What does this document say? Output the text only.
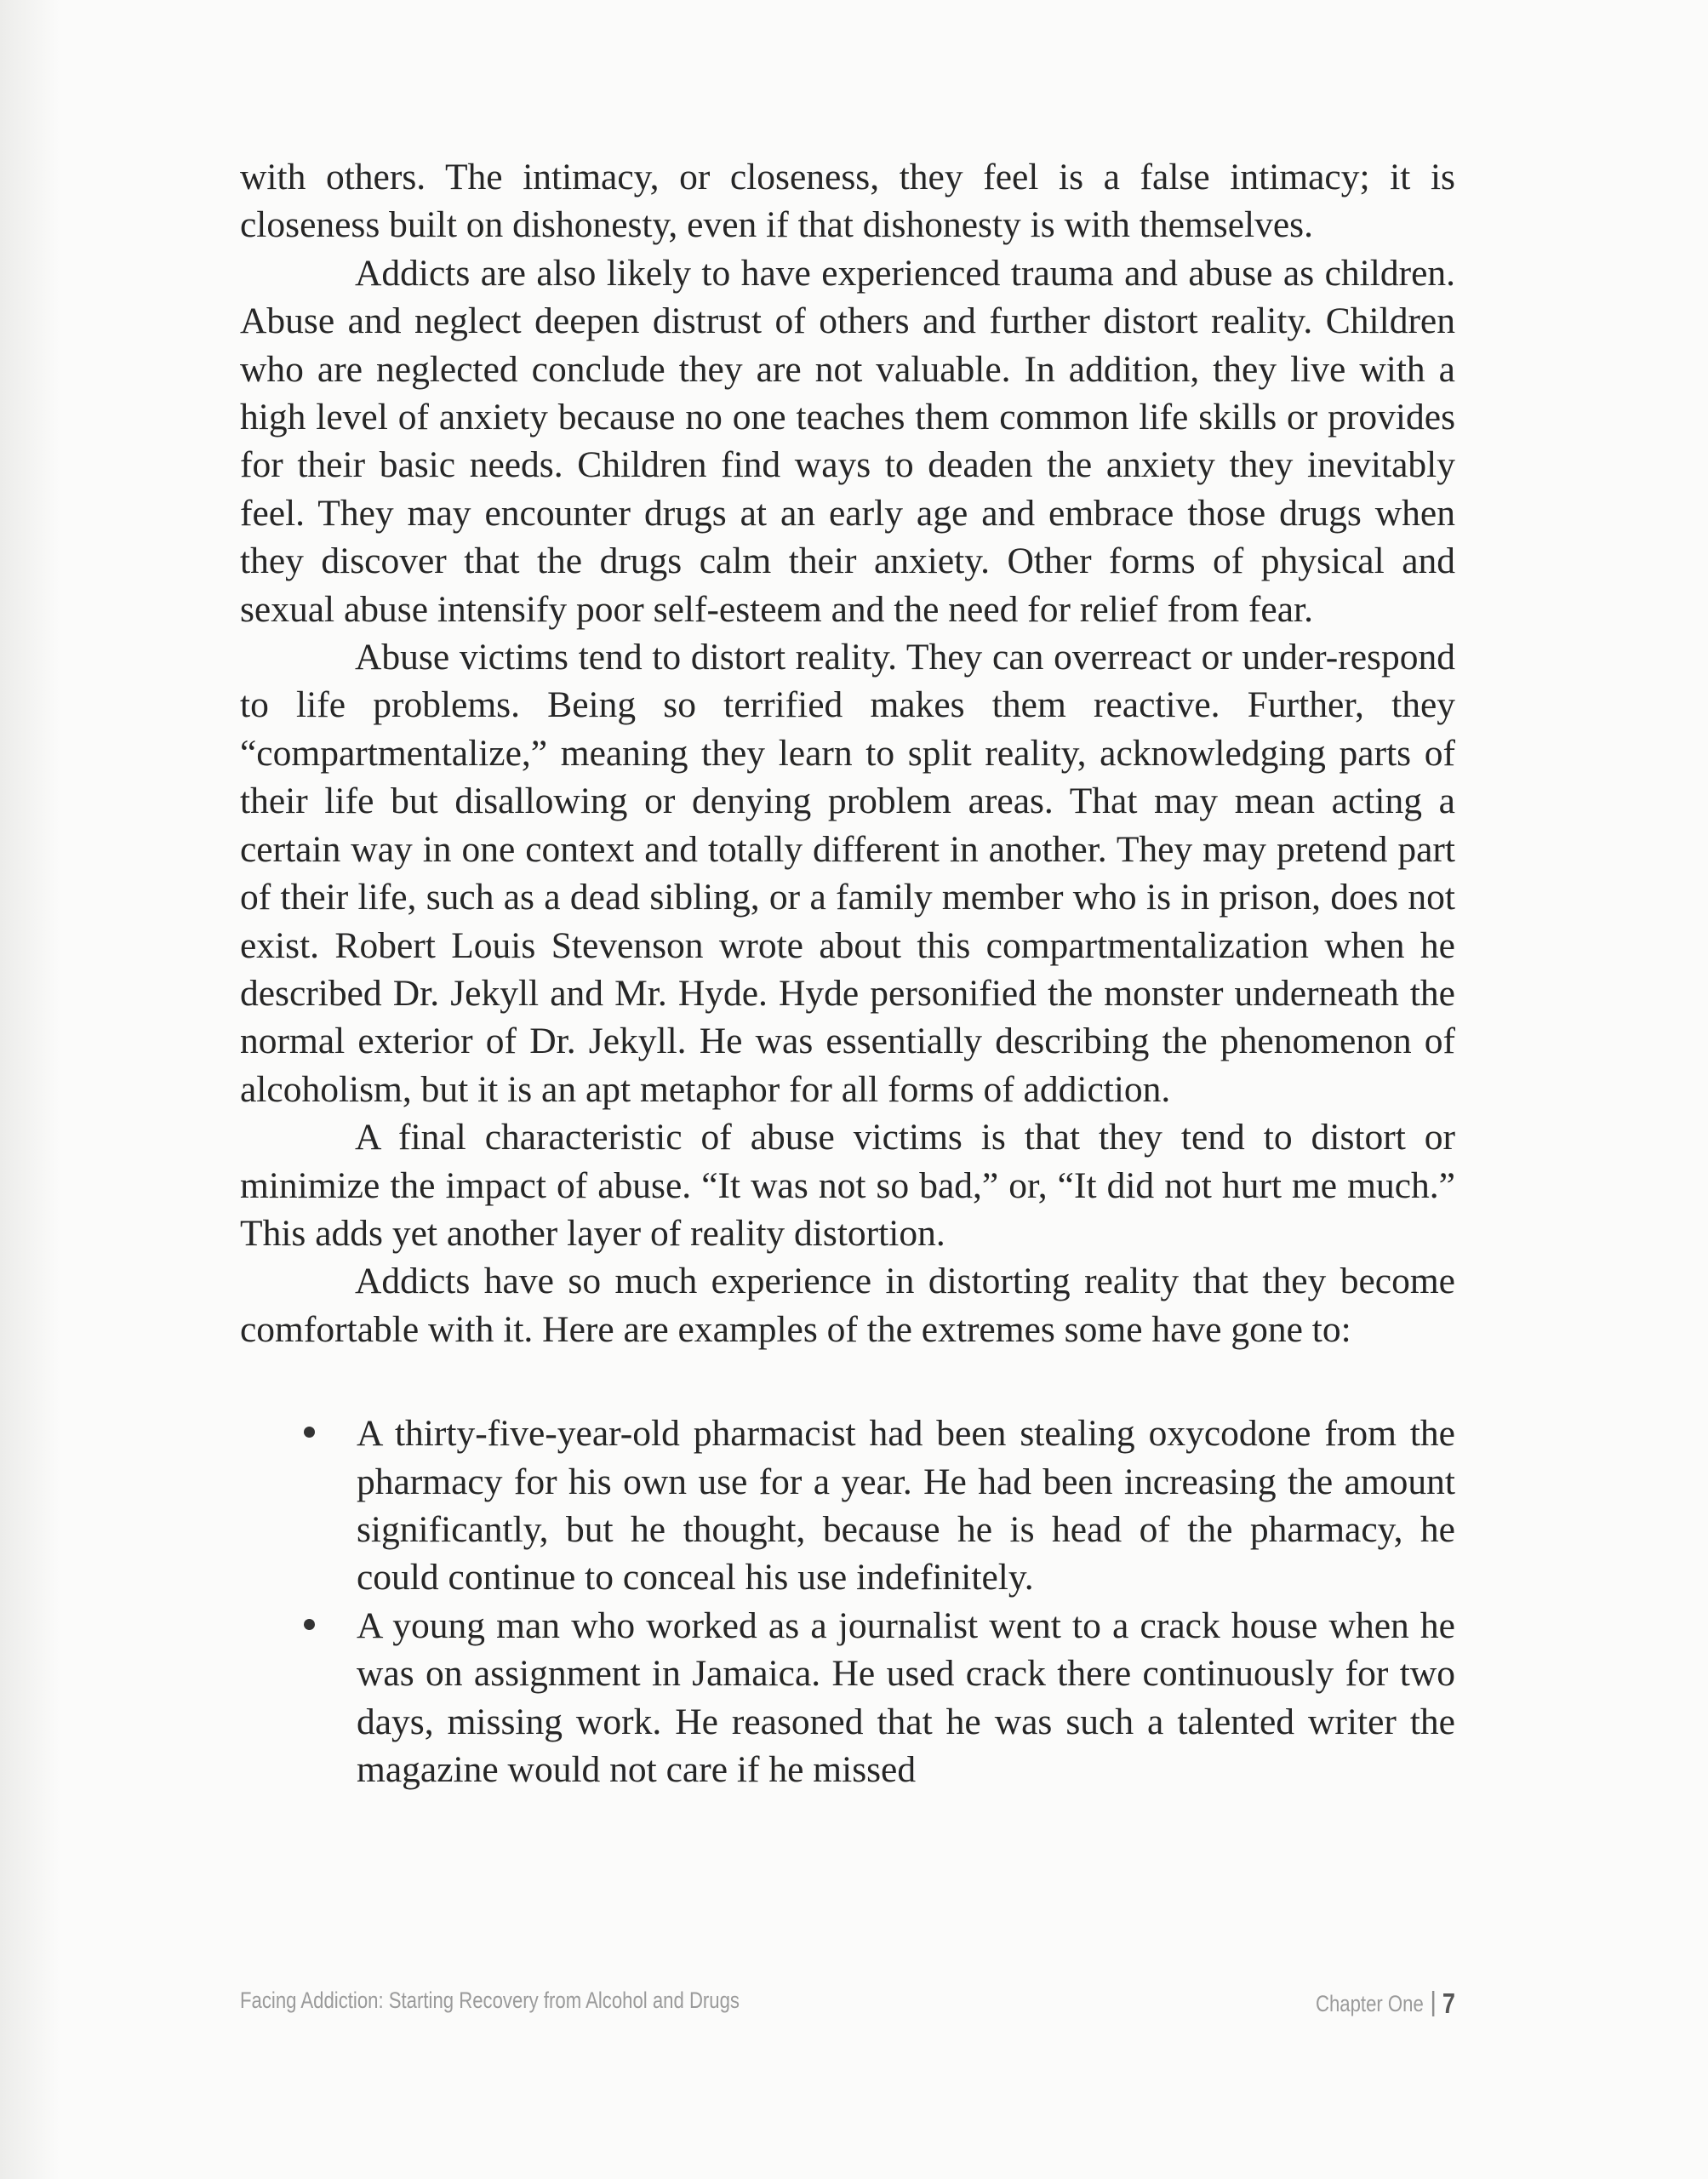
with others. The intimacy, or closeness, they feel is a false intimacy; it is closeness built on dishonesty, even if that dishonesty is with themselves.

Addicts are also likely to have experienced trauma and abuse as children. Abuse and neglect deepen distrust of others and further distort reality. Children who are neglected conclude they are not valuable. In addition, they live with a high level of anxiety because no one teaches them common life skills or provides for their basic needs. Children find ways to deaden the anxiety they inevitably feel. They may encounter drugs at an early age and embrace those drugs when they discover that the drugs calm their anxiety. Other forms of physical and sexual abuse intensify poor self-esteem and the need for relief from fear.

Abuse victims tend to distort reality. They can overreact or under-respond to life problems. Being so terrified makes them reactive. Further, they “compartmentalize,” meaning they learn to split reality, acknowledging parts of their life but disallowing or denying problem areas. That may mean acting a certain way in one context and totally different in another. They may pretend part of their life, such as a dead sibling, or a family member who is in prison, does not exist. Robert Louis Stevenson wrote about this compartmentalization when he described Dr. Jekyll and Mr. Hyde. Hyde personified the monster underneath the normal exterior of Dr. Jekyll. He was essentially describing the phenomenon of alcoholism, but it is an apt metaphor for all forms of addiction.

A final characteristic of abuse victims is that they tend to distort or minimize the impact of abuse. “It was not so bad,” or, “It did not hurt me much.” This adds yet another layer of reality distortion.

Addicts have so much experience in distorting reality that they become comfortable with it. Here are examples of the extremes some have gone to:

A thirty-five-year-old pharmacist had been stealing oxycodone from the pharmacy for his own use for a year. He had been increasing the amount significantly, but he thought, because he is head of the pharmacy, he could continue to conceal his use indefinitely.
A young man who worked as a journalist went to a crack house when he was on assignment in Jamaica. He used crack there continuously for two days, missing work. He reasoned that he was such a talented writer the magazine would not care if he missed
Facing Addiction: Starting Recovery from Alcohol and Drugs	Chapter One 7
